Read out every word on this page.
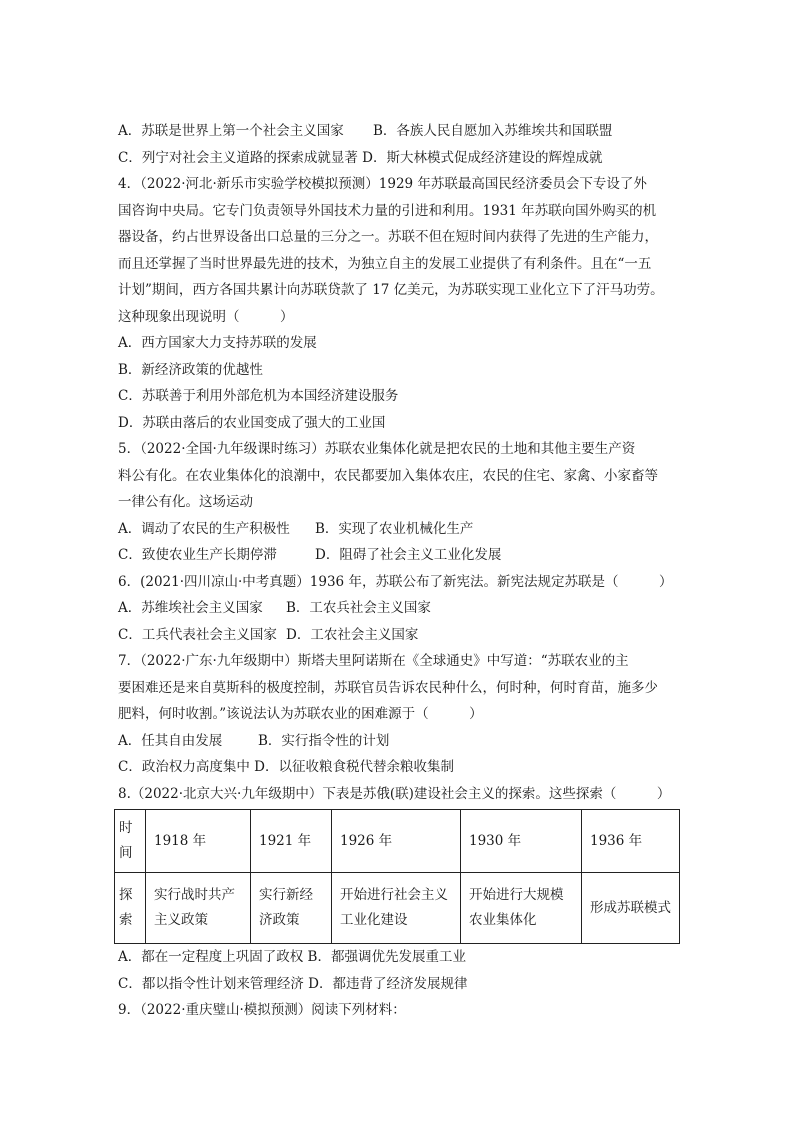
A．苏联是世界上第一个社会主义国家 B．各族人民自愿加入苏维埃共和国联盟
C．列宁对社会主义道路的探索成就显著 D．斯大林模式促成经济建设的辉煌成就
4．（2022·河北·新乐市实验学校模拟预测）1929 年苏联最高国民经济委员会下专设了外
国咨询中央局。它专门负责领导外国技术力量的引进和利用。1931 年苏联向国外购买的机
器设备，约占世界设备出口总量的三分之一。苏联不但在短时间内获得了先进的生产能力，
而且还掌握了当时世界最先进的技术，为独立自主的发展工业提供了有利条件。且在“一五
计划”期间，西方各国共累计向苏联贷款了 17 亿美元，为苏联实现工业化立下了汗马功劳。
这种现象出现说明（　　　）
A．西方国家大力支持苏联的发展
B．新经济政策的优越性
C．苏联善于利用外部危机为本国经济建设服务
D．苏联由落后的农业国变成了强大的工业国
5．（2022·全国·九年级课时练习）苏联农业集体化就是把农民的土地和其他主要生产资
料公有化。在农业集体化的浪潮中，农民都要加入集体农庄，农民的住宅、家禽、小家畜等
一律公有化。这场运动
A．调动了农民的生产积极性 B．实现了农业机械化生产
C．致使农业生产长期停滞	D．阻碍了社会主义工业化发展
6．(2021·四川凉山·中考真题）1936 年，苏联公布了新宪法。新宪法规定苏联是（　　　）
A．苏维埃社会主义国家 B．工农兵社会主义国家
C．工兵代表社会主义国家 D．工农社会主义国家
7．（2022·广东·九年级期中）斯塔夫里阿诺斯在《全球通史》中写道：“苏联农业的主
要困难还是来自莫斯科的极度控制，苏联官员告诉农民种什么，何时种，何时育苗，施多少
肥料，何时收割。”该说法认为苏联农业的困难源于（　　　）
A．任其自由发展	B．实行指令性的计划
C．政治权力高度集中 D．以征收粮食税代替余粮收集制
8.（2022·北京大兴·九年级期中）下表是苏俄(联)建设社会主义的探索。这些探索（　　　）
时间	1918 年	1921 年	1926 年	1930 年	1936 年
探索	实行战时共产主义政策	实行新经济政策	开始进行社会主义工业化建设	开始进行大规模农业集体化	形成苏联模式
A．都在一定程度上巩固了政权 B．都强调优先发展重工业
C．都以指令性计划来管理经济 D．都违背了经济发展规律
9．（2022·重庆璧山·模拟预测）阅读下列材料：
